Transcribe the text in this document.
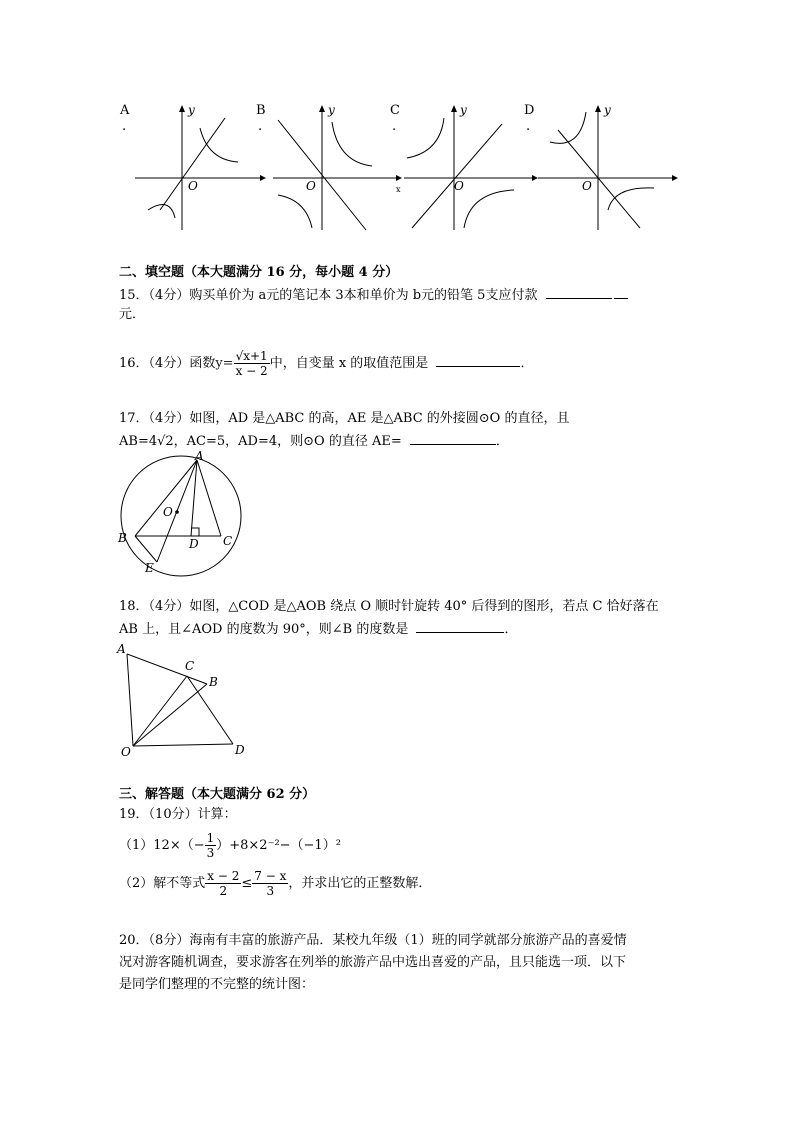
A
.
O
y	B
.
O
y
x
C
.
O
y	D
.
O
y
二、填空题（本大题满分 16 分，每小题 4 分）
15．（4分）购买单价为 a元的笔记本 3本和单价为 b元的铅笔 5支应付款
元．
16．（4分）函数$y= \frac{√x+1}{x - 2}$ 中，自变量 x 的取值范围是	．
17．（4分）如图，AD 是△ABC 的高，AE 是△ABC 的外接圆⊙O 的直径，且
AB=4√2，AC=5，AD=4，则⊙O 的直径 AE=	．
A
B	C
D
E
O
18．（4分）如图，△COD 是△AOB 绕点 O 顺时针旋转 40° 后得到的图形，若点 C 恰好落在
AB 上，且∠AOD 的度数为 90°，则∠B 的度数是	．
A
B
C
D
O
三、解答题（本大题满分 62 分）
19．（10分）计算：
$(1)12\times(- \frac{1}{3} )+8\times 2^{-2}-(-1)^2$
（2）解不等式 $\frac{x - 2}{2} \le \frac{7 - x}{3}$ ，并求出它的正整数解．
20．（8分）海南有丰富的旅游产品．某校九年级（1）班的同学就部分旅游产品的喜爱情
况对游客随机调查，要求游客在列举的旅游产品中选出喜爱的产品，且只能选一项．以下
是同学们整理的不完整的统计图：
